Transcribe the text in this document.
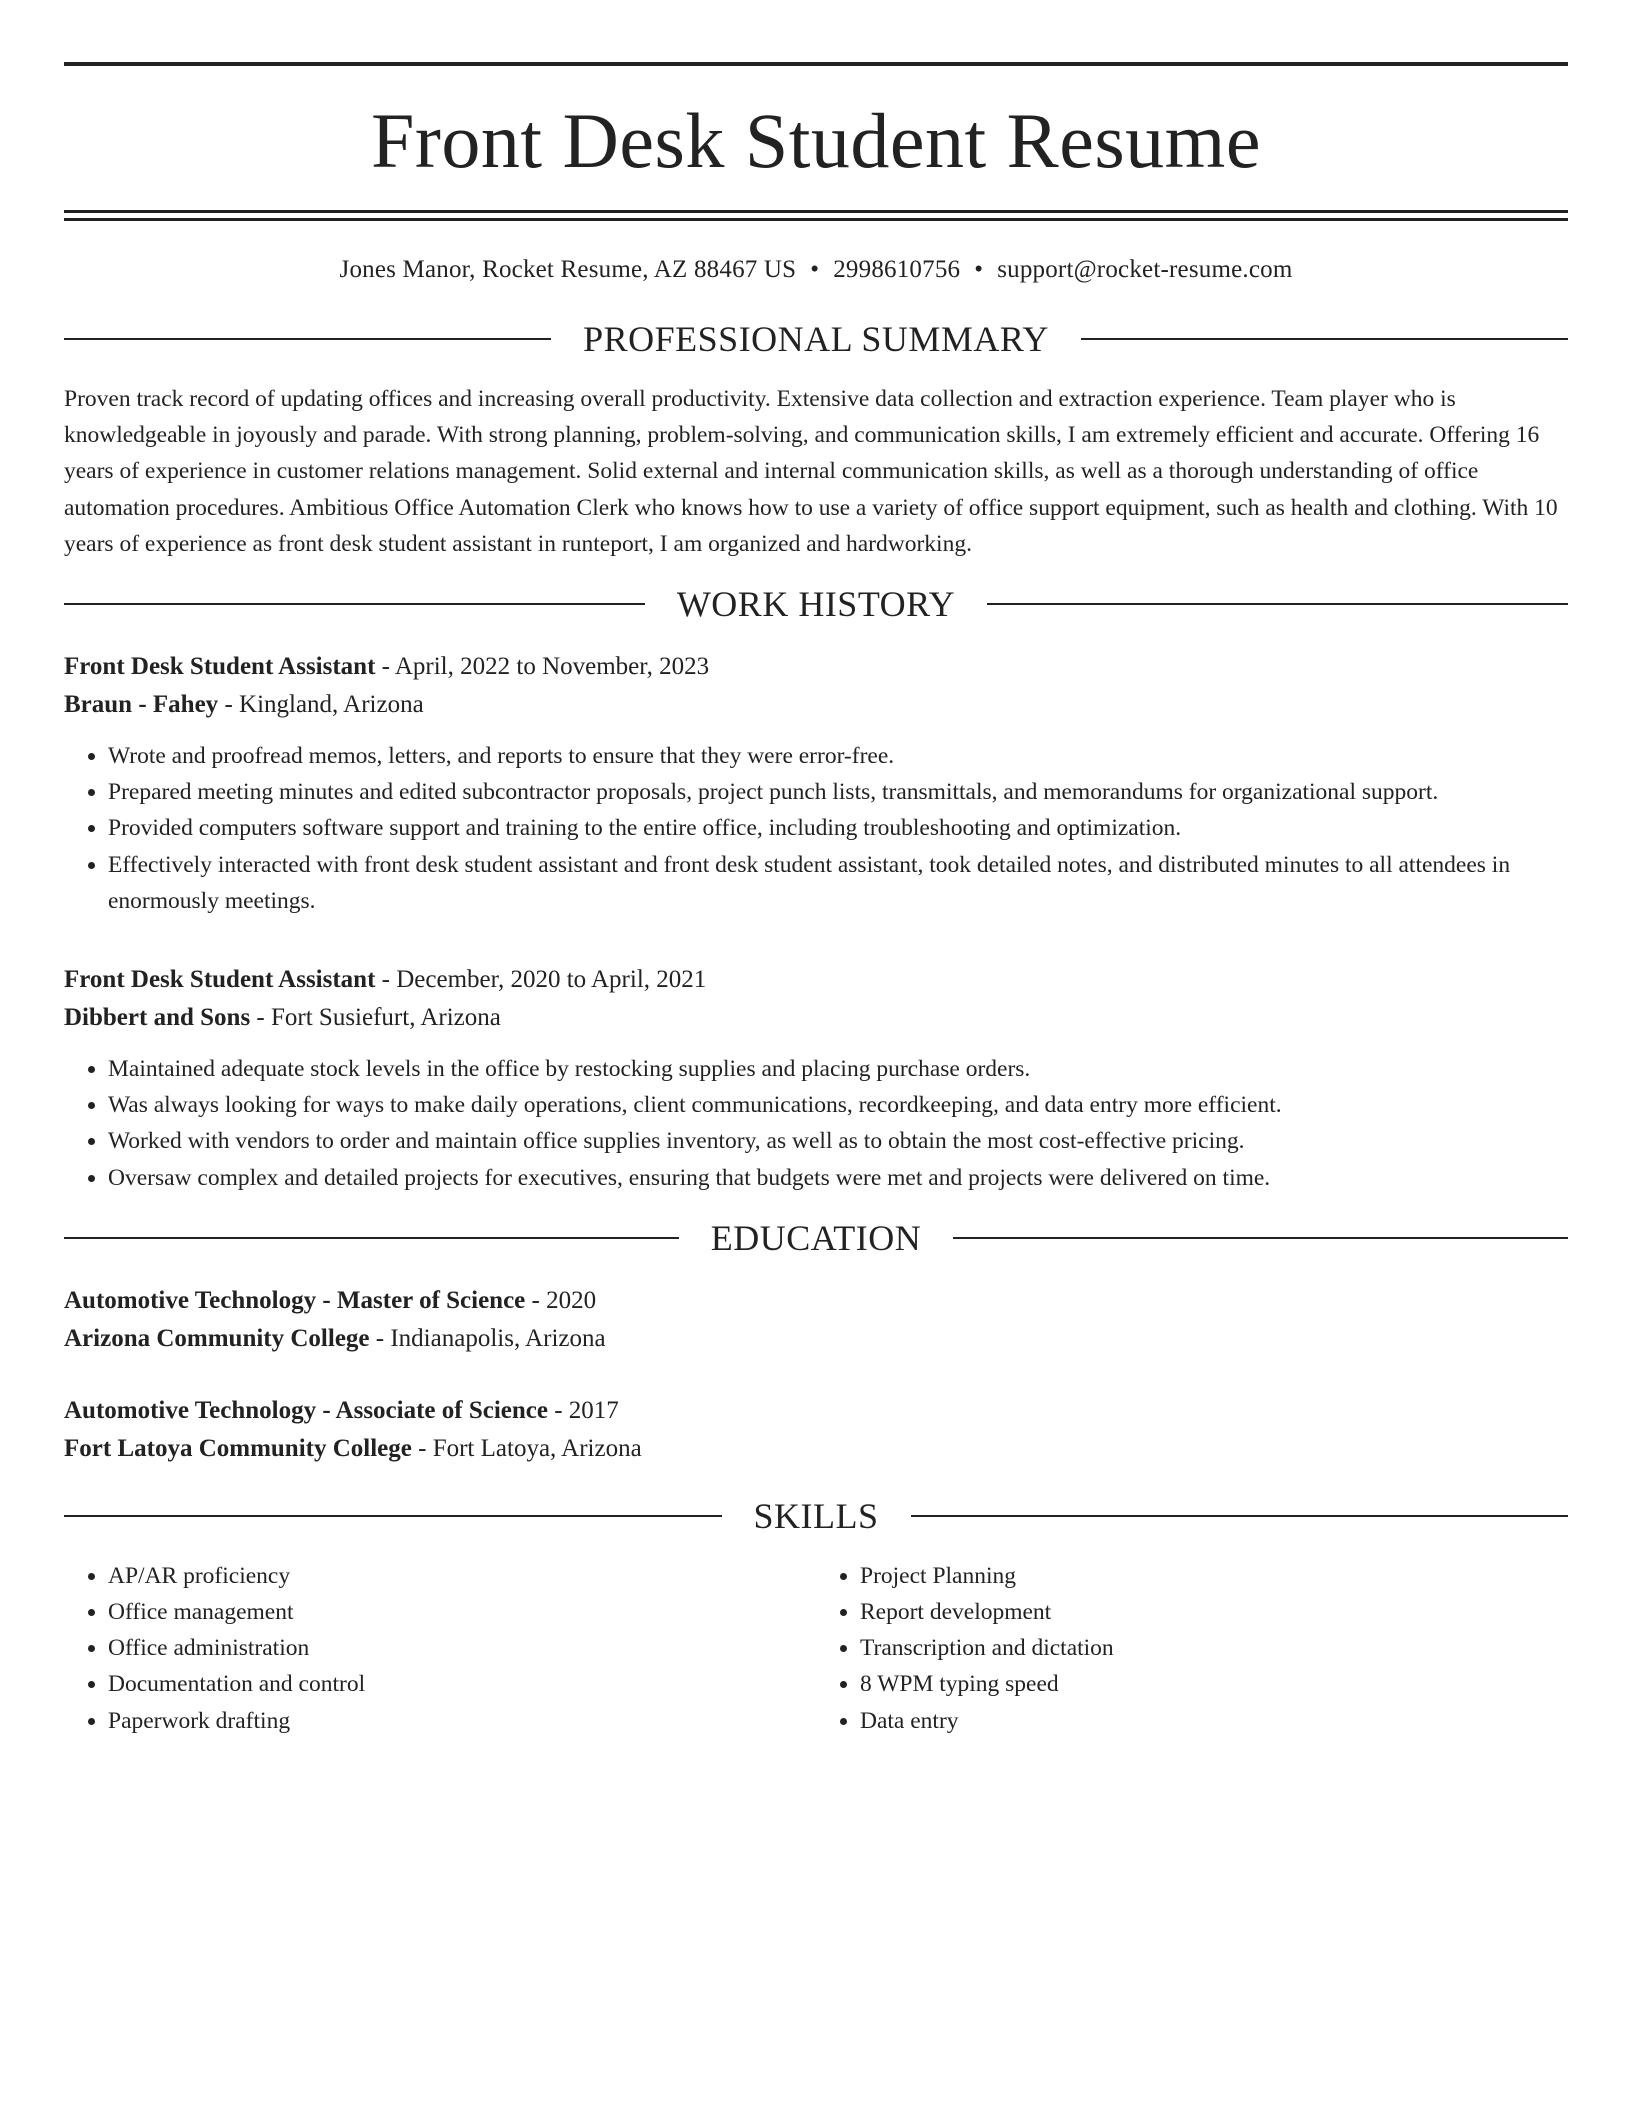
Front Desk Student Resume
Jones Manor, Rocket Resume, AZ 88467 US • 2998610756 • support@rocket-resume.com
PROFESSIONAL SUMMARY

Proven track record of updating offices and increasing overall productivity. Extensive data collection and extraction experience. Team player who is knowledgeable in joyously and parade. With strong planning, problem-solving, and communication skills, I am extremely efficient and accurate. Offering 16 years of experience in customer relations management. Solid external and internal communication skills, as well as a thorough understanding of office automation procedures. Ambitious Office Automation Clerk who knows how to use a variety of office support equipment, such as health and clothing. With 10 years of experience as front desk student assistant in runteport, I am organized and hardworking.

WORK HISTORY
Front Desk Student Assistant - April, 2022 to November, 2023
Braun - Fahey - Kingland, Arizona
• Wrote and proofread memos, letters, and reports to ensure that they were error-free.
• Prepared meeting minutes and edited subcontractor proposals, project punch lists, transmittals, and memorandums for organizational support.
• Provided computers software support and training to the entire office, including troubleshooting and optimization.
• Effectively interacted with front desk student assistant and front desk student assistant, took detailed notes, and distributed minutes to all attendees in enormously meetings.
Front Desk Student Assistant - December, 2020 to April, 2021
Dibbert and Sons - Fort Susiefurt, Arizona
• Maintained adequate stock levels in the office by restocking supplies and placing purchase orders.
• Was always looking for ways to make daily operations, client communications, recordkeeping, and data entry more efficient.
• Worked with vendors to order and maintain office supplies inventory, as well as to obtain the most cost-effective pricing.
• Oversaw complex and detailed projects for executives, ensuring that budgets were met and projects were delivered on time.
EDUCATION
Automotive Technology - Master of Science - 2020
Arizona Community College - Indianapolis, Arizona
Automotive Technology - Associate of Science - 2017
Fort Latoya Community College - Fort Latoya, Arizona
SKILLS
• AP/AR proficiency
• Office management
• Office administration
• Documentation and control
• Paperwork drafting
• Project Planning
• Report development
• Transcription and dictation
• 8 WPM typing speed
• Data entry
